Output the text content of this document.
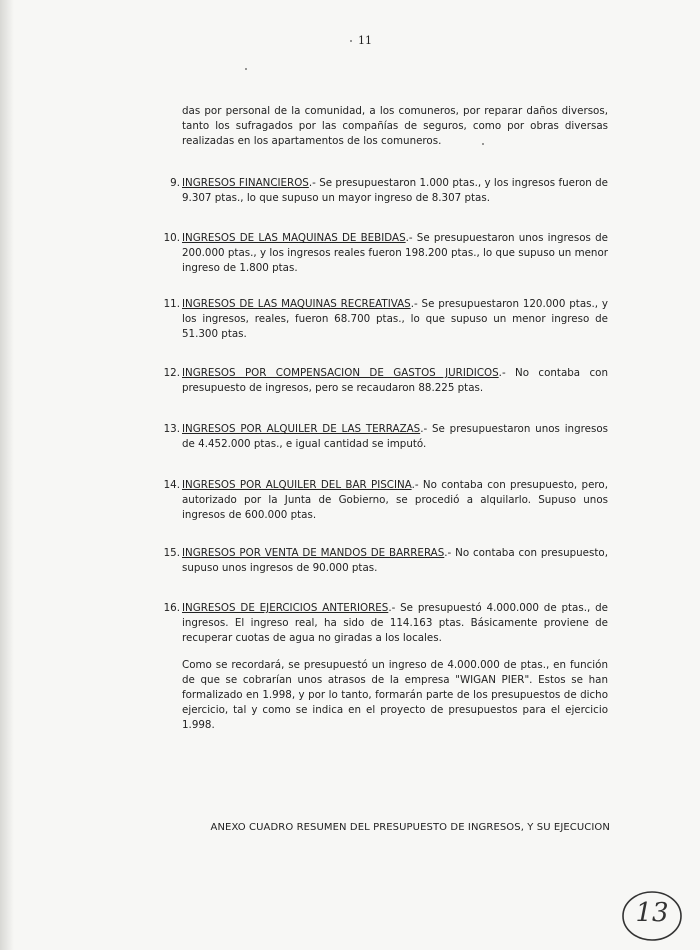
11

das por personal de la comunidad, a los comuneros, por reparar daños diversos, tanto los sufragados por las compañías de seguros, como por obras diversas realizadas en los apartamentos de los comuneros.

9. INGRESOS FINANCIEROS.- Se presupuestaron 1.000 ptas., y los ingresos fueron de 9.307 ptas., lo que supuso un mayor ingreso de 8.307 ptas.

10. INGRESOS DE LAS MAQUINAS DE BEBIDAS.- Se presupuestaron unos ingresos de 200.000 ptas., y los ingresos reales fueron 198.200 ptas., lo que supuso un menor ingreso de 1.800 ptas.

11. INGRESOS DE LAS MAQUINAS RECREATIVAS.- Se presupuestaron 120.000 ptas., y los ingresos, reales, fueron 68.700 ptas., lo que supuso un menor ingreso de 51.300 ptas.

12. INGRESOS POR COMPENSACION DE GASTOS JURIDICOS.- No contaba con presupuesto de ingresos, pero se recaudaron 88.225 ptas.

13. INGRESOS POR ALQUILER DE LAS TERRAZAS.- Se presupuestaron unos ingresos de 4.452.000 ptas., e igual cantidad se imputó.

14. INGRESOS POR ALQUILER DEL BAR PISCINA.- No contaba con presupuesto, pero, autorizado por la Junta de Gobierno, se procedió a alquilarlo. Supuso unos ingresos de 600.000 ptas.

15. INGRESOS POR VENTA DE MANDOS DE BARRERAS.- No contaba con presupuesto, supuso unos ingresos de 90.000 ptas.

16. INGRESOS DE EJERCICIOS ANTERIORES.- Se presupuestó 4.000.000 de ptas., de ingresos. El ingreso real, ha sido de 114.163 ptas. Básicamente proviene de recuperar cuotas de agua no giradas a los locales.

Como se recordará, se presupuestó un ingreso de 4.000.000 de ptas., en función de que se cobrarían unos atrasos de la empresa "WIGAN PIER". Estos se han formalizado en 1.998, y por lo tanto, formarán parte de los presupuestos de dicho ejercicio, tal y como se indica en el proyecto de presupuestos para el ejercicio 1.998.

ANEXO CUADRO RESUMEN DEL PRESUPUESTO DE INGRESOS, Y SU EJECUCION
13
